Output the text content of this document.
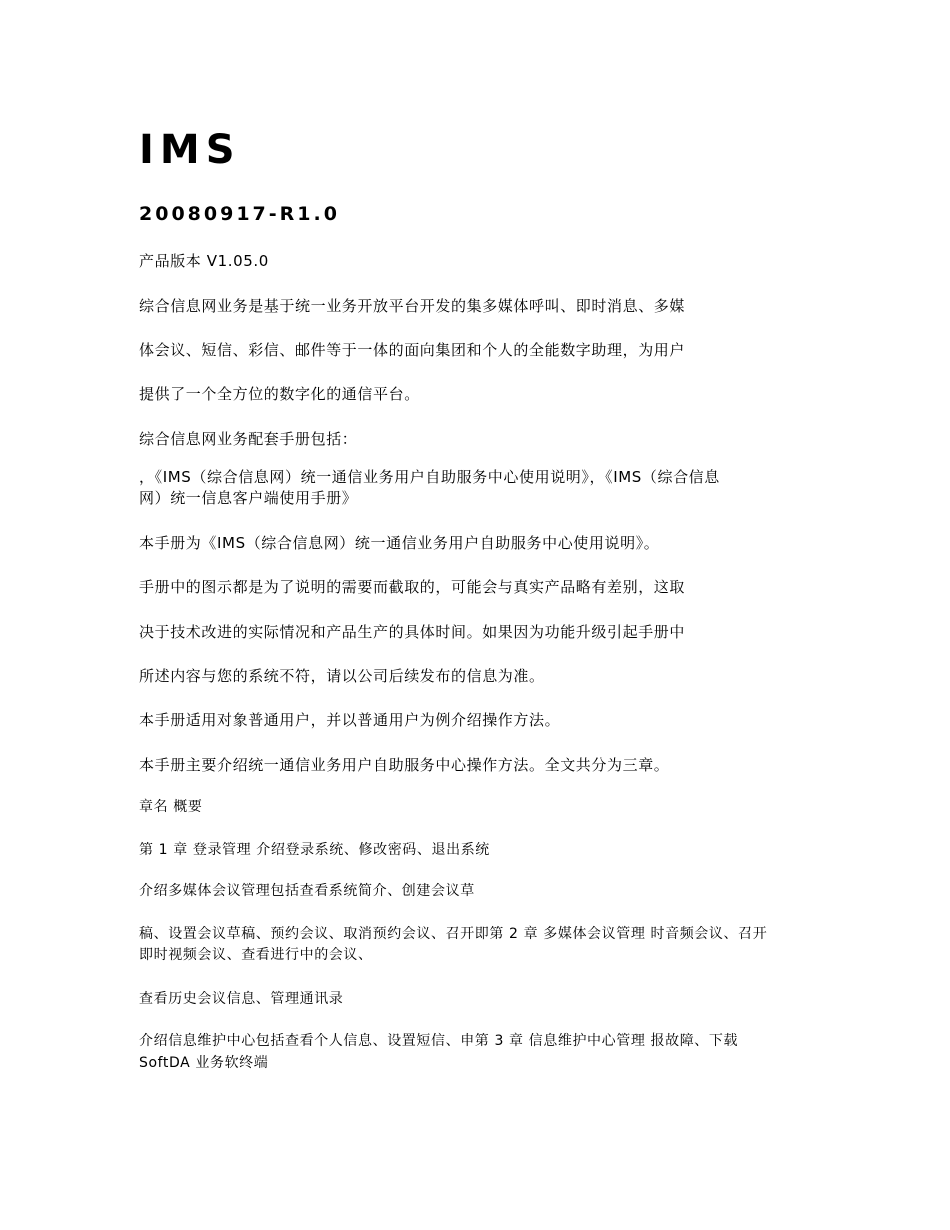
IMS
20080917-R1.0

产品版本 V1.05.0

综合信息网业务是基于统一业务开放平台开发的集多媒体呼叫、即时消息、多媒

体会议、短信、彩信、邮件等于一体的面向集团和个人的全能数字助理，为用户

提供了一个全方位的数字化的通信平台。

综合信息网业务配套手册包括：

，《IMS（综合信息网）统一通信业务用户自助服务中心使用说明》，《IMS（综合信息

网）统一信息客户端使用手册》

本手册为《IMS（综合信息网）统一通信业务用户自助服务中心使用说明》。

手册中的图示都是为了说明的需要而截取的，可能会与真实产品略有差别，这取

决于技术改进的实际情况和产品生产的具体时间。如果因为功能升级引起手册中

所述内容与您的系统不符，请以公司后续发布的信息为准。

本手册适用对象普通用户，并以普通用户为例介绍操作方法。

本手册主要介绍统一通信业务用户自助服务中心操作方法。全文共分为三章。

章名 概要

第 1 章 登录管理 介绍登录系统、修改密码、退出系统

介绍多媒体会议管理包括查看系统简介、创建会议草

稿、设置会议草稿、预约会议、取消预约会议、召开即第 2 章 多媒体会议管理 时音频会议、召开

即时视频会议、查看进行中的会议、

查看历史会议信息、管理通讯录

介绍信息维护中心包括查看个人信息、设置短信、申第 3 章 信息维护中心管理 报故障、下载

SoftDA 业务软终端
